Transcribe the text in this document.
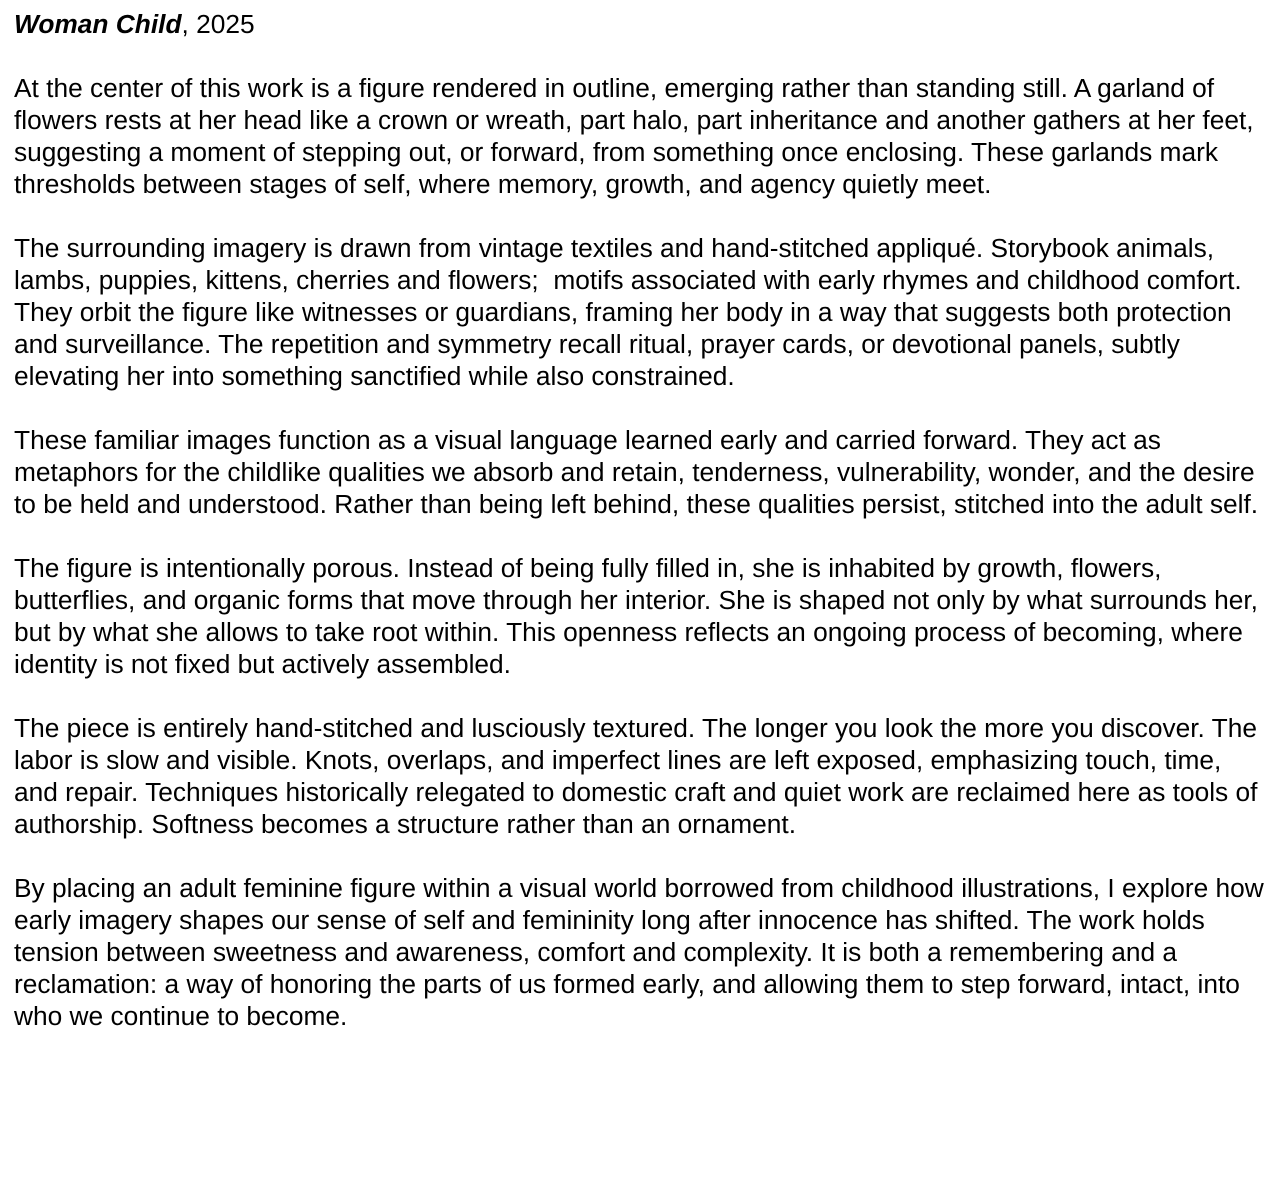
Woman Child, 2025

At the center of this work is a figure rendered in outline, emerging rather than standing still. A garland of flowers rests at her head like a crown or wreath, part halo, part inheritance and another gathers at her feet, suggesting a moment of stepping out, or forward, from something once enclosing. These garlands mark thresholds between stages of self, where memory, growth, and agency quietly meet.

The surrounding imagery is drawn from vintage textiles and hand-stitched appliqué. Storybook animals, lambs, puppies, kittens, cherries and flowers;  motifs associated with early rhymes and childhood comfort. They orbit the figure like witnesses or guardians, framing her body in a way that suggests both protection and surveillance. The repetition and symmetry recall ritual, prayer cards, or devotional panels, subtly elevating her into something sanctified while also constrained.

These familiar images function as a visual language learned early and carried forward. They act as metaphors for the childlike qualities we absorb and retain, tenderness, vulnerability, wonder, and the desire to be held and understood. Rather than being left behind, these qualities persist, stitched into the adult self.

The figure is intentionally porous. Instead of being fully filled in, she is inhabited by growth, flowers, butterflies, and organic forms that move through her interior. She is shaped not only by what surrounds her, but by what she allows to take root within. This openness reflects an ongoing process of becoming, where identity is not fixed but actively assembled.

The piece is entirely hand-stitched and lusciously textured. The longer you look the more you discover. The labor is slow and visible. Knots, overlaps, and imperfect lines are left exposed, emphasizing touch, time, and repair. Techniques historically relegated to domestic craft and quiet work are reclaimed here as tools of authorship. Softness becomes a structure rather than an ornament.

By placing an adult feminine figure within a visual world borrowed from childhood illustrations, I explore how early imagery shapes our sense of self and femininity long after innocence has shifted. The work holds tension between sweetness and awareness, comfort and complexity. It is both a remembering and a reclamation: a way of honoring the parts of us formed early, and allowing them to step forward, intact, into who we continue to become.
